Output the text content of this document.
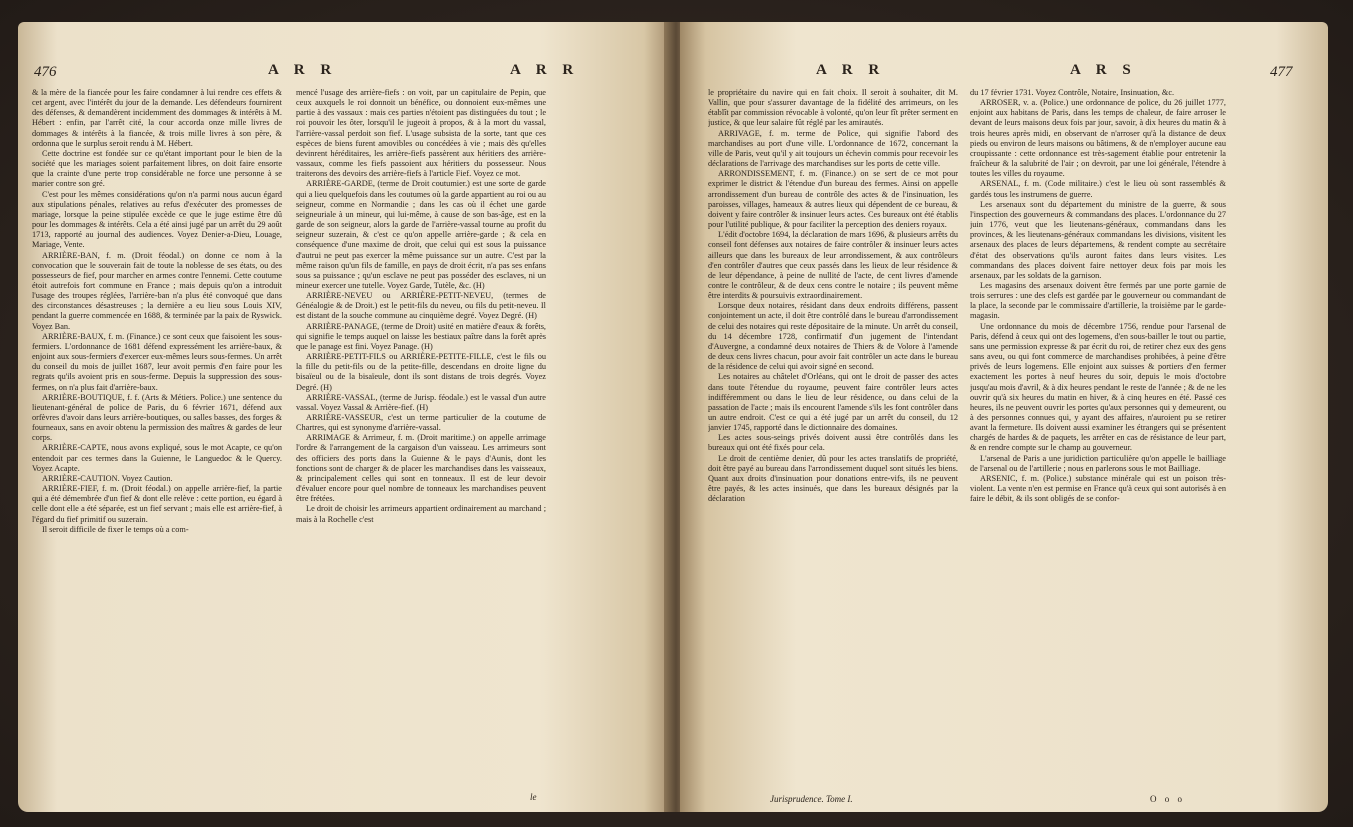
476	A R R	A R R

& la mère de la fiancée pour les faire condamner à lui rendre ces effets & cet argent, avec l'intérêt du jour de la demande. Les défendeurs fournirent des défenses, & demandèrent incidemment des dommages & intérêts à M. Hébert : enfin, par l'arrêt cité, la cour accorda onze mille livres de dommages & intérêts à la fiancée, & trois mille livres à son père, & ordonna que le surplus seroit rendu à M. Hébert.

Cette doctrine est fondée sur ce qu'étant important pour le bien de la société que les mariages soient parfaitement libres, on doit faire ensorte que la crainte d'une perte trop considérable ne force une personne à se marier contre son gré.

C'est pour les mêmes considérations qu'on n'a parmi nous aucun égard aux stipulations pénales, relatives au refus d'exécuter des promesses de mariage, lorsque la peine stipulée excède ce que le juge estime être dû pour les dommages & intérêts. Cela a été ainsi jugé par un arrêt du 29 août 1713, rapporté au journal des audiences. Voyez Denier-a-Dieu, Louage, Mariage, Vente.

ARRIÈRE-BAN, f. m. (Droit féodal.) on donne ce nom à la convocation que le souverain fait de toute la noblesse de ses états, ou des possesseurs de fief, pour marcher en armes contre l'ennemi. Cette coutume étoit autrefois fort commune en France ; mais depuis qu'on a introduit l'usage des troupes réglées, l'arrière-ban n'a plus été convoqué que dans des circonstances désastreuses ; la dernière a eu lieu sous Louis XIV, pendant la guerre commencée en 1688, & terminée par la paix de Ryswick. Voyez Ban.

ARRIÈRE-BAUX, f. m. (Finance.) ce sont ceux que faisoient les sous-fermiers. L'ordonnance de 1681 défend expressément les arrière-baux, & enjoint aux sous-fermiers d'exercer eux-mêmes leurs sous-fermes. Un arrêt du conseil du mois de juillet 1687, leur avoit permis d'en faire pour les regrats qu'ils avoient pris en sous-ferme. Depuis la suppression des sous-fermes, on n'a plus fait d'arrière-baux.

ARRIÈRE-BOUTIQUE, f. f. (Arts & Métiers. Police.) une sentence du lieutenant-général de police de Paris, du 6 février 1671, défend aux orfèvres d'avoir dans leurs arrière-boutiques, ou salles basses, des forges & fourneaux, sans en avoir obtenu la permission des maîtres & gardes de leur corps.

ARRIÈRE-CAPTE, nous avons expliqué, sous le mot Acapte, ce qu'on entendoit par ces termes dans la Guienne, le Languedoc & le Quercy. Voyez Acapte.

ARRIÈRE-CAUTION. Voyez Caution.

ARRIÈRE-FIEF, f. m. (Droit féodal.) on appelle arrière-fief, la partie qui a été démembrée d'un fief & dont elle relève : cette portion, eu égard à celle dont elle a été séparée, est un fief servant ; mais elle est arrière-fief, à l'égard du fief primitif ou suzerain.

Il seroit difficile de fixer le temps où a com-

mencé l'usage des arrière-fiefs : on voit, par un capitulaire de Pepin, que ceux auxquels le roi donnoit un bénéfice, ou donnoient eux-mêmes une partie à des vassaux : mais ces parties n'étoient pas distinguées du tout ; le roi pouvoir les ôter, lorsqu'il le jugeoit à propos, & à la mort du vassal, l'arrière-vassal perdoit son fief. L'usage subsista de la sorte, tant que ces espèces de biens furent amovibles ou concédées à vie ; mais dès qu'elles devinrent héréditaires, les arrière-fiefs passèrent aux héritiers des arrière-vassaux, comme les fiefs passoient aux héritiers du possesseur. Nous traiterons des devoirs des arrière-fiefs à l'article Fief. Voyez ce mot.

ARRIÈRE-GARDE, (terme de Droit coutumier.) est une sorte de garde qui a lieu quelquefois dans les coutumes où la garde appartient au roi ou au seigneur, comme en Normandie ; dans les cas où il échet une garde seigneuriale à un mineur, qui lui-même, à cause de son bas-âge, est en la garde de son seigneur, alors la garde de l'arrière-vassal tourne au profit du seigneur suzerain, & c'est ce qu'on appelle arrière-garde ; & cela en conséquence d'une maxime de droit, que celui qui est sous la puissance d'autrui ne peut pas exercer la même puissance sur un autre. C'est par la même raison qu'un fils de famille, en pays de droit écrit, n'a pas ses enfans sous sa puissance ; qu'un esclave ne peut pas posséder des esclaves, ni un mineur exercer une tutelle. Voyez Garde, Tutèle, &c. (H)

ARRIÈRE-NEVEU ou ARRIÈRE-PETIT-NEVEU, (termes de Généalogie & de Droit.) est le petit-fils du neveu, ou fils du petit-neveu. Il est distant de la souche commune au cinquième degré. Voyez Degré. (H)

ARRIÈRE-PANAGE, (terme de Droit) usité en matière d'eaux & forêts, qui signifie le temps auquel on laisse les bestiaux paître dans la forêt après que le panage est fini. Voyez Panage. (H)

ARRIÈRE-PETIT-FILS ou ARRIÈRE-PETITE-FILLE, c'est le fils ou la fille du petit-fils ou de la petite-fille, descendans en droite ligne du bisaïeul ou de la bisaïeule, dont ils sont distans de trois degrés. Voyez Degré. (H)

ARRIÈRE-VASSAL, (terme de Jurisp. féodale.) est le vassal d'un autre vassal. Voyez Vassal & Arrière-fief. (H)

ARRIÈRE-VASSEUR, c'est un terme particulier de la coutume de Chartres, qui est synonyme d'arrière-vassal.

ARRIMAGE & Arrimeur, f. m. (Droit maritime.) on appelle arrimage l'ordre & l'arrangement de la cargaison d'un vaisseau. Les arrimeurs sont des officiers des ports dans la Guienne & le pays d'Aunis, dont les fonctions sont de charger & de placer les marchandises dans les vaisseaux, & principalement celles qui sont en tonneaux. Il est de leur devoir d'évaluer encore pour quel nombre de tonneaux les marchandises peuvent être frétées.

Le droit de choisir les arrimeurs appartient ordinairement au marchand ; mais à la Rochelle c'est

le
A R R	A R S	477

le propriétaire du navire qui en fait choix. Il seroit à souhaiter, dit M. Vallin, que pour s'assurer davantage de la fidélité des arrimeurs, on les établît par commission révocable à volonté, qu'on leur fît prêter serment en justice, & que leur salaire fût réglé par les amirautés.

ARRIVAGE, f. m. terme de Police, qui signifie l'abord des marchandises au port d'une ville. L'ordonnance de 1672, concernant la ville de Paris, veut qu'il y ait toujours un échevin commis pour recevoir les déclarations de l'arrivage des marchandises sur les ports de cette ville.

ARRONDISSEMENT, f. m. (Finance.) on se sert de ce mot pour exprimer le district & l'étendue d'un bureau des fermes. Ainsi on appelle arrondissement d'un bureau de contrôle des actes & de l'insinuation, les paroisses, villages, hameaux & autres lieux qui dépendent de ce bureau, & doivent y faire contrôler & insinuer leurs actes. Ces bureaux ont été établis pour l'utilité publique, & pour faciliter la perception des deniers royaux.

L'édit d'octobre 1694, la déclaration de mars 1696, & plusieurs arrêts du conseil font défenses aux notaires de faire contrôler & insinuer leurs actes ailleurs que dans les bureaux de leur arrondissement, & aux contrôleurs d'en contrôler d'autres que ceux passés dans les lieux de leur résidence & de leur dépendance, à peine de nullité de l'acte, de cent livres d'amende contre le contrôleur, & de deux cens contre le notaire ; ils peuvent même être interdits & poursuivis extraordinairement.

Lorsque deux notaires, résidant dans deux endroits différens, passent conjointement un acte, il doit être contrôlé dans le bureau d'arrondissement de celui des notaires qui reste dépositaire de la minute. Un arrêt du conseil, du 14 décembre 1728, confirmatif d'un jugement de l'intendant d'Auvergne, a condamné deux notaires de Thiers & de Volore à l'amende de deux cens livres chacun, pour avoir fait contrôler un acte dans le bureau de la résidence de celui qui avoir signé en second.

Les notaires au châtelet d'Orléans, qui ont le droit de passer des actes dans toute l'étendue du royaume, peuvent faire contrôler leurs actes indifféremment ou dans le lieu de leur résidence, ou dans celui de la passation de l'acte ; mais ils encourent l'amende s'ils les font contrôler dans un autre endroit. C'est ce qui a été jugé par un arrêt du conseil, du 12 janvier 1745, rapporté dans le dictionnaire des domaines.

Les actes sous-seings privés doivent aussi être contrôlés dans les bureaux qui ont été fixés pour cela.

Le droit de centième denier, dû pour les actes translatifs de propriété, doit être payé au bureau dans l'arrondissement duquel sont situés les biens. Quant aux droits d'insinuation pour donations entre-vifs, ils ne peuvent être payés, & les actes insinués, que dans les bureaux désignés par la déclaration

du 17 février 1731. Voyez Contrôle, Notaire, Insinuation, &c.

ARROSER, v. a. (Police.) une ordonnance de police, du 26 juillet 1777, enjoint aux habitans de Paris, dans les temps de chaleur, de faire arroser le devant de leurs maisons deux fois par jour, savoir, à dix heures du matin & à trois heures après midi, en observant de n'arroser qu'à la distance de deux pieds ou environ de leurs maisons ou bâtimens, & de n'employer aucune eau croupissante : cette ordonnance est très-sagement établie pour entretenir la fraîcheur & la salubrité de l'air ; on devroit, par une loi générale, l'étendre à toutes les villes du royaume.

ARSENAL, f. m. (Code militaire.) c'est le lieu où sont rassemblés & gardés tous les instrumens de guerre.

Les arsenaux sont du département du ministre de la guerre, & sous l'inspection des gouverneurs & commandans des places. L'ordonnance du 27 juin 1776, veut que les lieutenans-généraux, commandans dans les provinces, & les lieutenans-généraux commandans les divisions, visitent les arsenaux des places de leurs départemens, & rendent compte au secrétaire d'état des observations qu'ils auront faites dans leurs visites. Les commandans des places doivent faire nettoyer deux fois par mois les arsenaux, par les soldats de la garnison.

Les magasins des arsenaux doivent être fermés par une porte garnie de trois serrures : une des clefs est gardée par le gouverneur ou commandant de la place, la seconde par le commissaire d'artillerie, la troisième par le garde-magasin.

Une ordonnance du mois de décembre 1756, rendue pour l'arsenal de Paris, défend à ceux qui ont des logemens, d'en sous-bailler le tout ou partie, sans une permission expresse & par écrit du roi, de retirer chez eux des gens sans aveu, ou qui font commerce de marchandises prohibées, à peine d'être privés de leurs logemens. Elle enjoint aux suisses & portiers d'en fermer exactement les portes à neuf heures du soir, depuis le mois d'octobre jusqu'au mois d'avril, & à dix heures pendant le reste de l'année ; & de ne les ouvrir qu'à six heures du matin en hiver, & à cinq heures en été. Passé ces heures, ils ne peuvent ouvrir les portes qu'aux personnes qui y demeurent, ou à des personnes connues qui, y ayant des affaires, n'auroient pu se retirer avant la fermeture. Ils doivent aussi examiner les étrangers qui se présentent chargés de hardes & de paquets, les arrêter en cas de résistance de leur part, & en rendre compte sur le champ au gouverneur.

L'arsenal de Paris a une juridiction particulière qu'on appelle le bailliage de l'arsenal ou de l'artillerie ; nous en parlerons sous le mot Bailliage.

ARSENIC, f. m. (Police.) substance minérale qui est un poison très-violent. La vente n'en est permise en France qu'à ceux qui sont autorisés à en faire le débit, & ils sont obligés de se confor-

Jurisprudence. Tome I.	O o o
